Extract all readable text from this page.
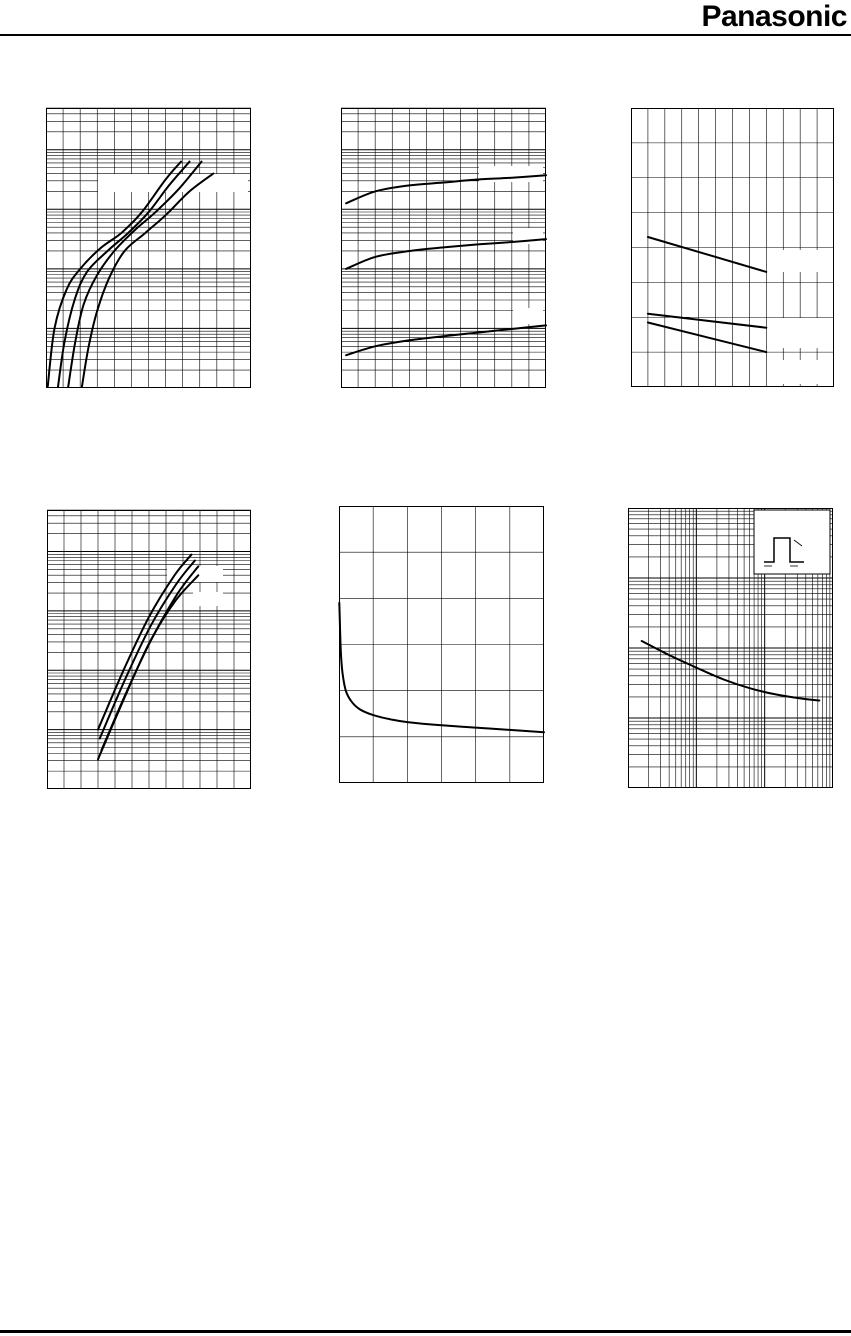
Panasonic
